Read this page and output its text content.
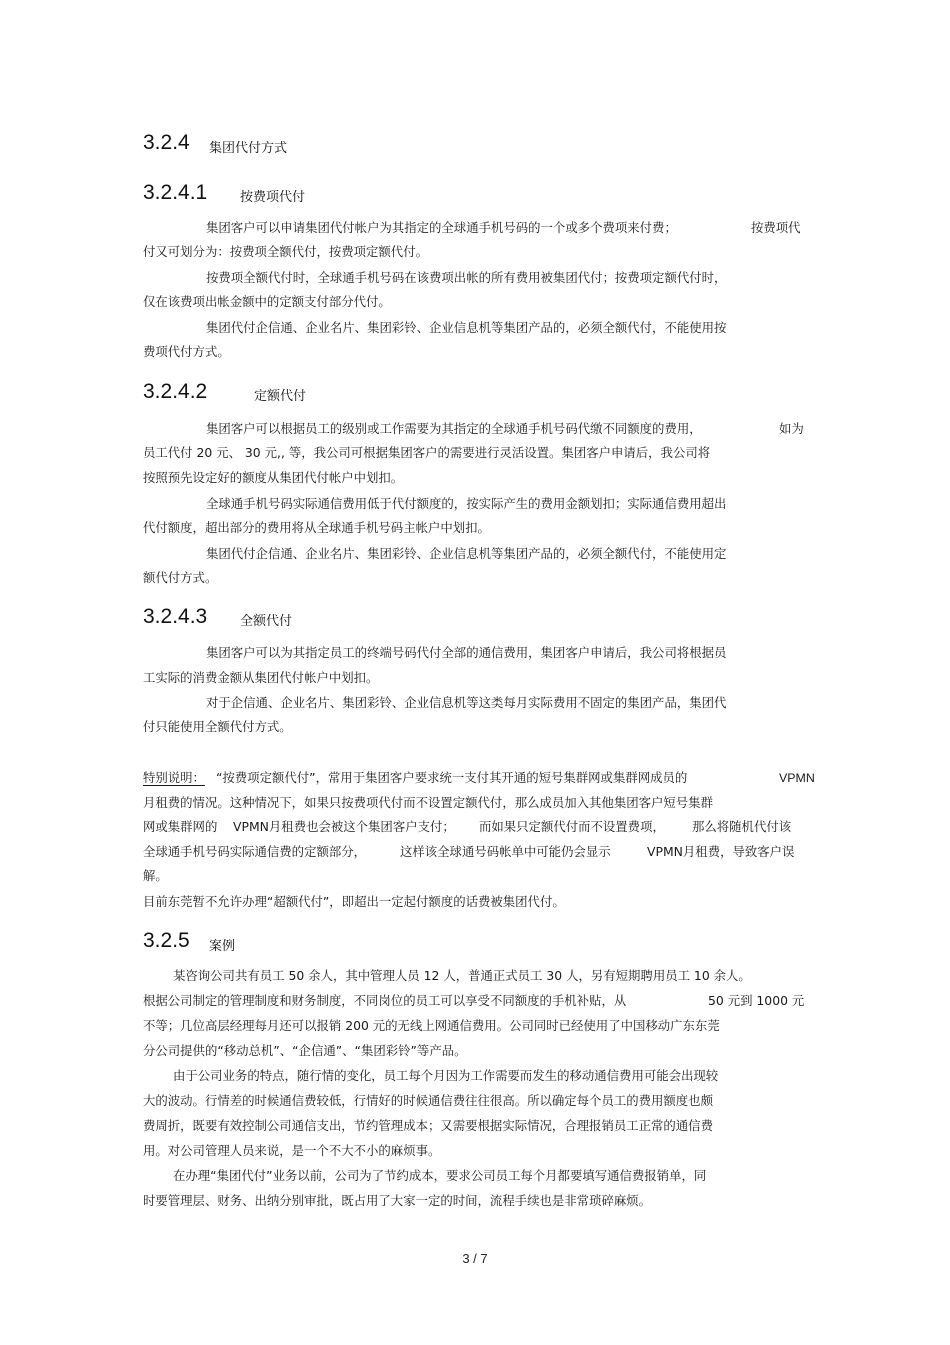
3.2.4 集团代付方式
3.2.4.1	按费项代付
集团客户可以申请集团代付帐户为其指定的全球通手机号码的一个或多个费项来付费；	按费项代
付又可划分为：按费项全额代付，按费项定额代付。
按费项全额代付时，全球通手机号码在该费项出帐的所有费用被集团代付；按费项定额代付时，
仅在该费项出帐金额中的定额支付部分代付。
集团代付企信通、企业名片、集团彩铃、企业信息机等集团产品的，必须全额代付，不能使用按
费项代付方式。
3.2.4.2	定额代付
集团客户可以根据员工的级别或工作需要为其指定的全球通手机号码代缴不同额度的费用，	如为
员工代付 20 元、 30 元,, 等，我公司可根据集团客户的需要进行灵活设置。集团客户申请后，我公司将
按照预先设定好的额度从集团代付帐户中划扣。
全球通手机号码实际通信费用低于代付额度的，按实际产生的费用金额划扣；实际通信费用超出
代付额度，超出部分的费用将从全球通手机号码主帐户中划扣。
集团代付企信通、企业名片、集团彩铃、企业信息机等集团产品的，必须全额代付，不能使用定
额代付方式。
3.2.4.3	全额代付
集团客户可以为其指定员工的终端号码代付全部的通信费用，集团客户申请后，我公司将根据员
工实际的消费金额从集团代付帐户中划扣。
对于企信通、企业名片、集团彩铃、企业信息机等这类每月实际费用不固定的集团产品，集团代
付只能使用全额代付方式。
特别说明： “按费项定额代付”，常用于集团客户要求统一支付其开通的短号集群网或集群网成员的	VPMN
月租费的情况。这种情况下，如果只按费项代付而不设置定额代付，那么成员加入其他集团客户短号集群
网或集群网的 VPMN月租费也会被这个集团客户支付； 而如果只定额代付而不设置费项， 那么将随机代付该
全球通手机号码实际通信费的定额部分，	这样该全球通号码帐单中可能仍会显示	VPMN月租费，导致客户误
解。
目前东莞暂不允许办理“超额代付”，即超出一定起付额度的话费被集团代付。
3.2.5 案例
某咨询公司共有员工 50 余人，其中管理人员 12 人，普通正式员工 30 人，另有短期聘用员工 10 余人。
根据公司制定的管理制度和财务制度，不同岗位的员工可以享受不同额度的手机补贴，从	50 元到 1000 元
不等；几位高层经理每月还可以报销 200 元的无线上网通信费用。公司同时已经使用了中国移动广东东莞
分公司提供的“移动总机”、“企信通”、“集团彩铃”等产品。
由于公司业务的特点，随行情的变化，员工每个月因为工作需要而发生的移动通信费用可能会出现较
大的波动。行情差的时候通信费较低，行情好的时候通信费往往很高。所以确定每个员工的费用额度也颇
费周折，既要有效控制公司通信支出，节约管理成本；又需要根据实际情况，合理报销员工正常的通信费
用。对公司管理人员来说，是一个不大不小的麻烦事。
在办理“集团代付”业务以前，公司为了节约成本，要求公司员工每个月都要填写通信费报销单，同
时要管理层、财务、出纳分别审批，既占用了大家一定的时间，流程手续也是非常琐碎麻烦。
3 / 7
